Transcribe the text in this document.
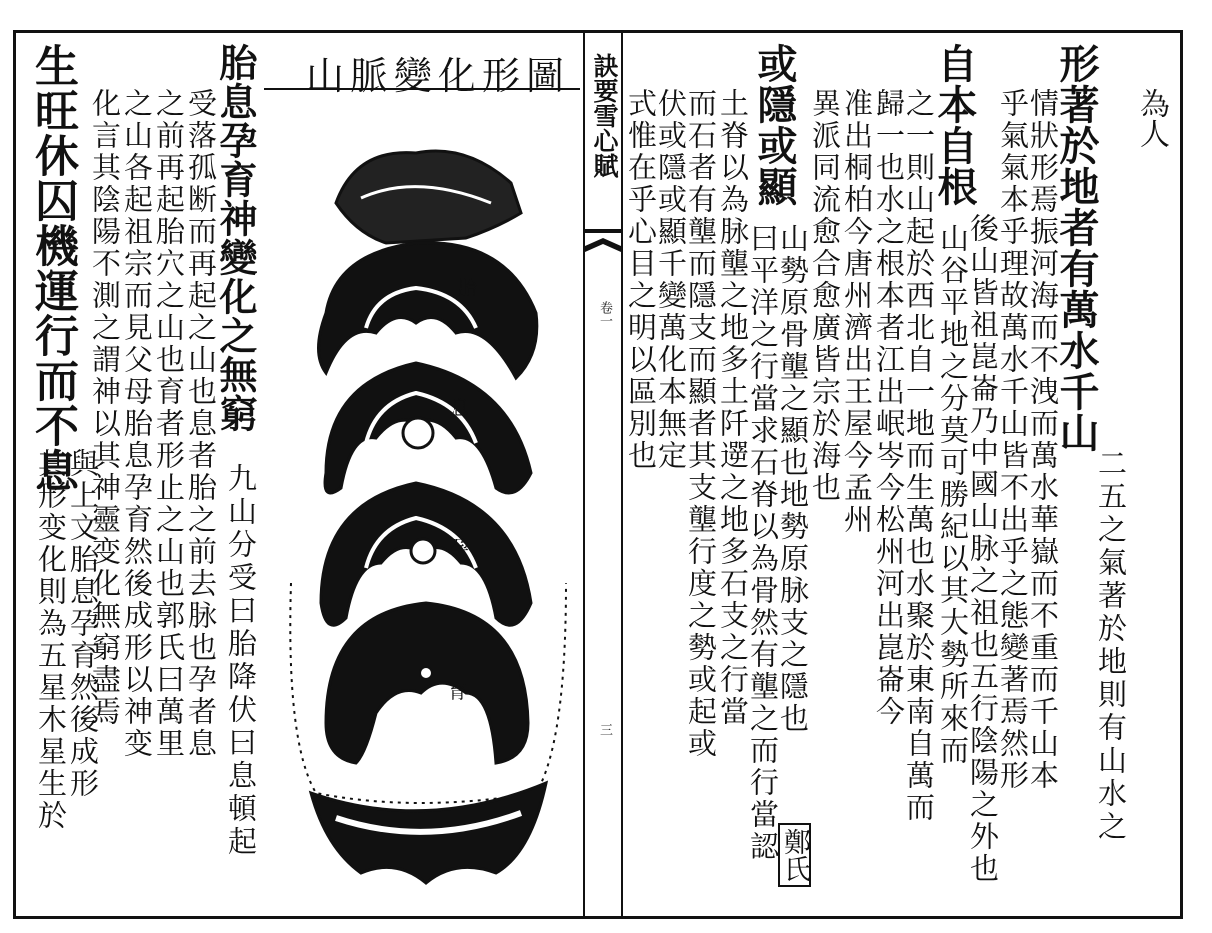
生旺休囚機運行而不息	胎息孕育神變化之無窮
九山分受曰胎降伏曰息頓起
受落孤断而再起之山也息者胎之前去脉也孕者息
之前再起胎穴之山也育者形止之山也郭氏曰萬里
之山各起祖宗而見父母胎息孕育然後成形以神变
化言其陰陽不測之謂神以其神靈变化無窮盡焉
與上文胎息孕育然後成形
其形变化則為五星木星生於
山脈變化形圖
胎
息
孕
育
訣要雪心賦
卷一
三
為人
形著於地者有萬水千山
二五之氣著於地則有山水之
情狀形焉振河海而不洩而萬水華嶽而不重而千山本
乎氣氣本乎理故萬水千山皆不出乎之態變著焉然形
自本自根
後山皆祖崑崙乃中國山脉之祖也五行陰陽之外也
山谷平地之分莫可勝紀以其大勢所來而
之一則山起於西北自一地而生萬也水聚於東南自萬而
歸一也水之根本者江出岷岑今松州河出崑崙今
准出桐柏今唐州濟出王屋今孟州
異派同流愈合愈廣皆宗於海也
或隱或顯
山勢原骨壟之顯也地勢原脉支之隱也
土脊以為脉壟之地多土阡遻之地多石支之行當
曰平洋之行當求石脊以為骨然有壟之而行當認
而石者有壟而隱支而顯者其支壟行度之勢或起或
伏或隱或顯千變萬化本無定
式惟在乎心目之明以區別也
鄭氏
